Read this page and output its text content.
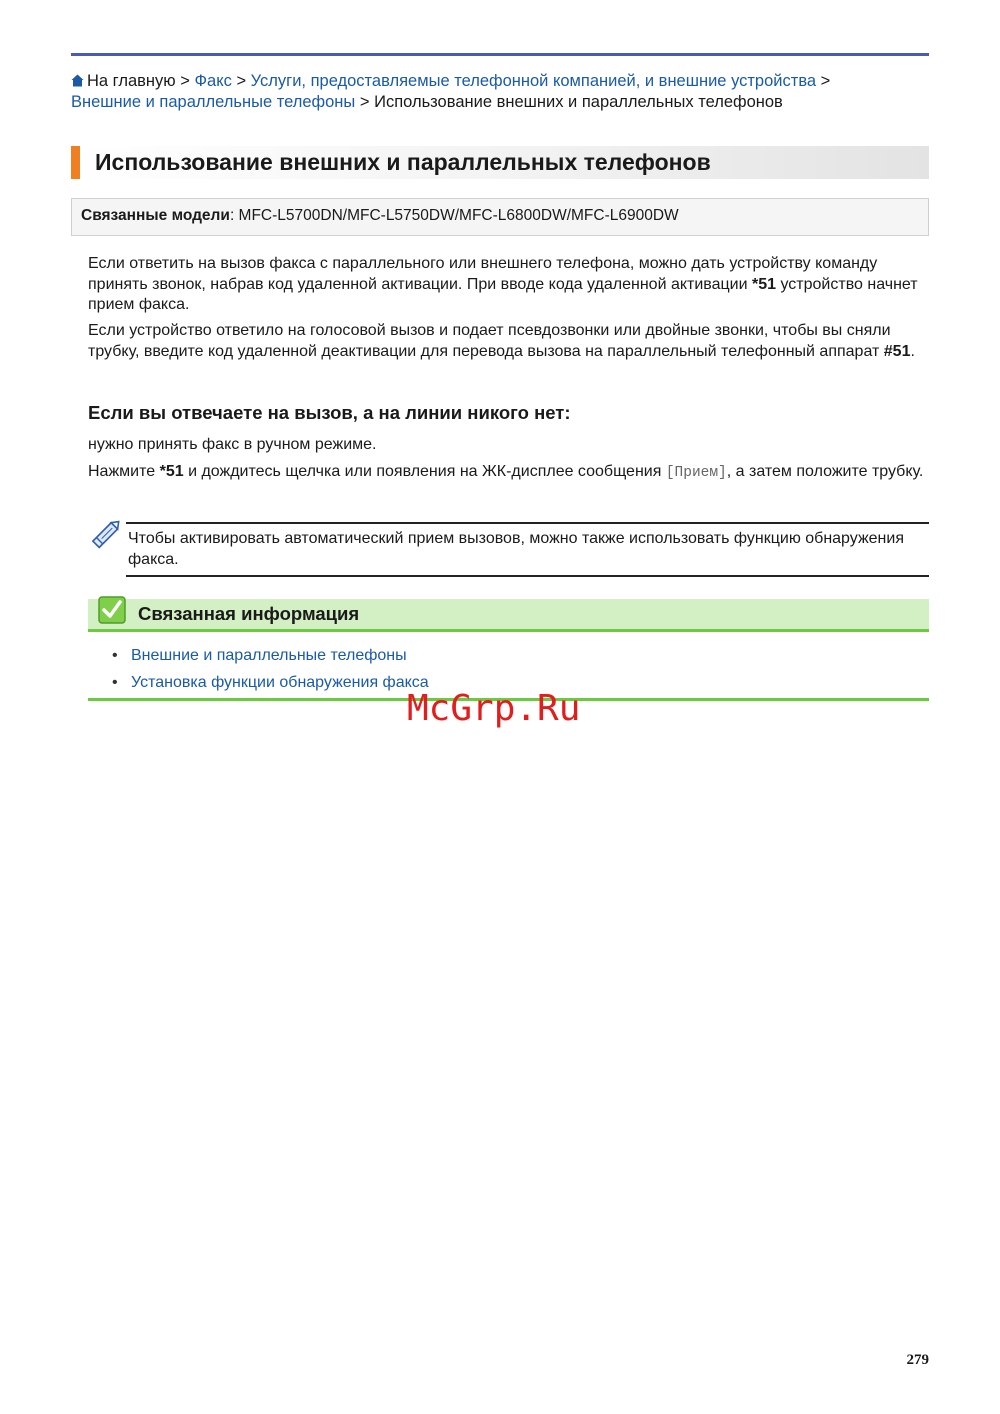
На главную > Факс > Услуги, предоставляемые телефонной компанией, и внешние устройства > Внешние и параллельные телефоны > Использование внешних и параллельных телефонов
Использование внешних и параллельных телефонов
Связанные модели: MFC-L5700DN/MFC-L5750DW/MFC-L6800DW/MFC-L6900DW
Если ответить на вызов факса с параллельного или внешнего телефона, можно дать устройству команду принять звонок, набрав код удаленной активации. При вводе кода удаленной активации *51 устройство начнет прием факса.
Если устройство ответило на голосовой вызов и подает псевдозвонки или двойные звонки, чтобы вы сняли трубку, введите код удаленной деактивации для перевода вызова на параллельный телефонный аппарат #51.
Если вы отвечаете на вызов, а на линии никого нет:
нужно принять факс в ручном режиме.
Нажмите *51 и дождитесь щелчка или появления на ЖК-дисплее сообщения [Прием], а затем положите трубку.
Чтобы активировать автоматический прием вызовов, можно также использовать функцию обнаружения факса.
Связанная информация
• Внешние и параллельные телефоны
• Установка функции обнаружения факса
McGrp.Ru
279
